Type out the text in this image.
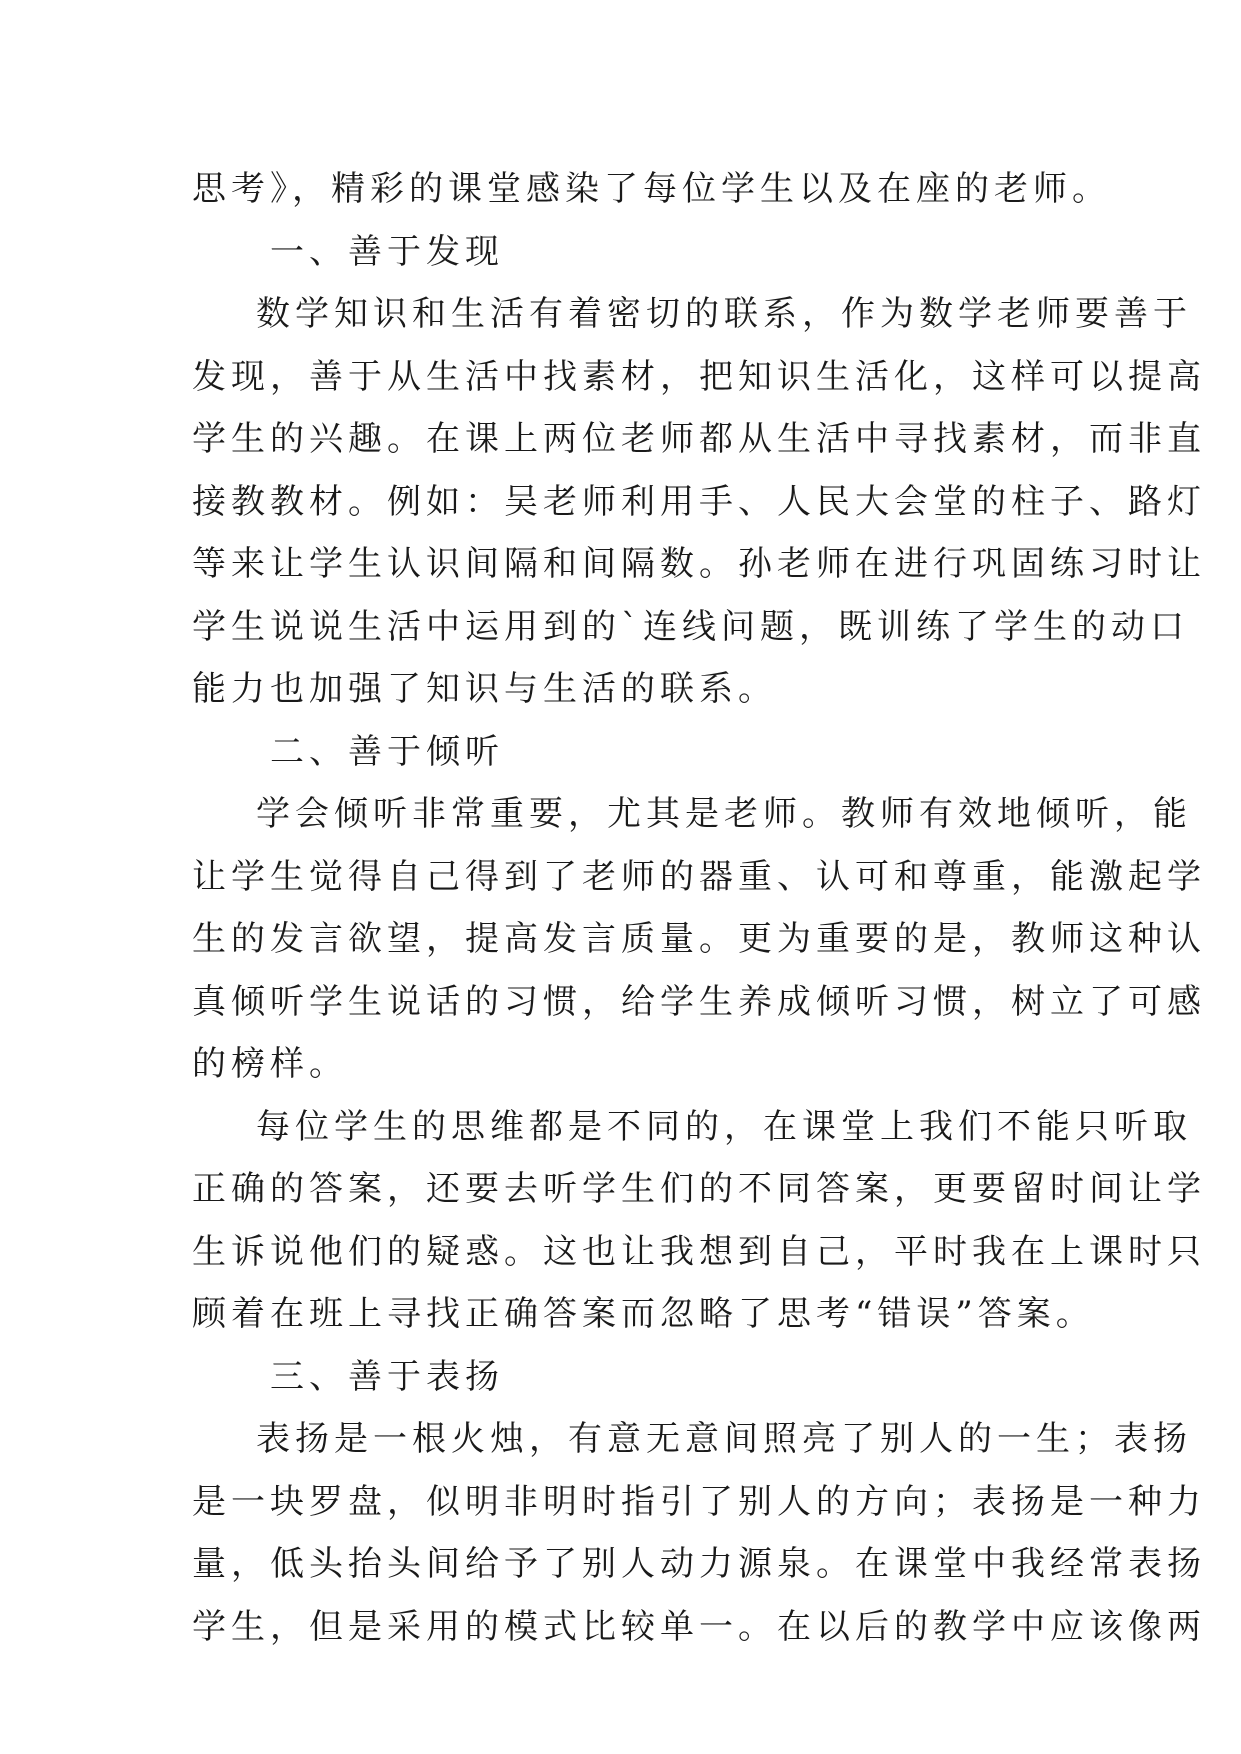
思考》，精彩的课堂感染了每位学生以及在座的老师。
一、善于发现
数学知识和生活有着密切的联系，作为数学老师要善于
发现，善于从生活中找素材，把知识生活化，这样可以提高
学生的兴趣。在课上两位老师都从生活中寻找素材，而非直
接教教材。例如：吴老师利用手、人民大会堂的柱子、路灯
等来让学生认识间隔和间隔数。孙老师在进行巩固练习时让
学生说说生活中运用到的`连线问题，既训练了学生的动口
能力也加强了知识与生活的联系。
二、善于倾听
学会倾听非常重要，尤其是老师。教师有效地倾听，能
让学生觉得自己得到了老师的器重、认可和尊重，能激起学
生的发言欲望，提高发言质量。更为重要的是，教师这种认
真倾听学生说话的习惯，给学生养成倾听习惯，树立了可感
的榜样。
每位学生的思维都是不同的，在课堂上我们不能只听取
正确的答案，还要去听学生们的不同答案，更要留时间让学
生诉说他们的疑惑。这也让我想到自己，平时我在上课时只
顾着在班上寻找正确答案而忽略了思考“错误”答案。
三、善于表扬
表扬是一根火烛，有意无意间照亮了别人的一生；表扬
是一块罗盘，似明非明时指引了别人的方向；表扬是一种力
量，低头抬头间给予了别人动力源泉。在课堂中我经常表扬
学生，但是采用的模式比较单一。在以后的教学中应该像两
